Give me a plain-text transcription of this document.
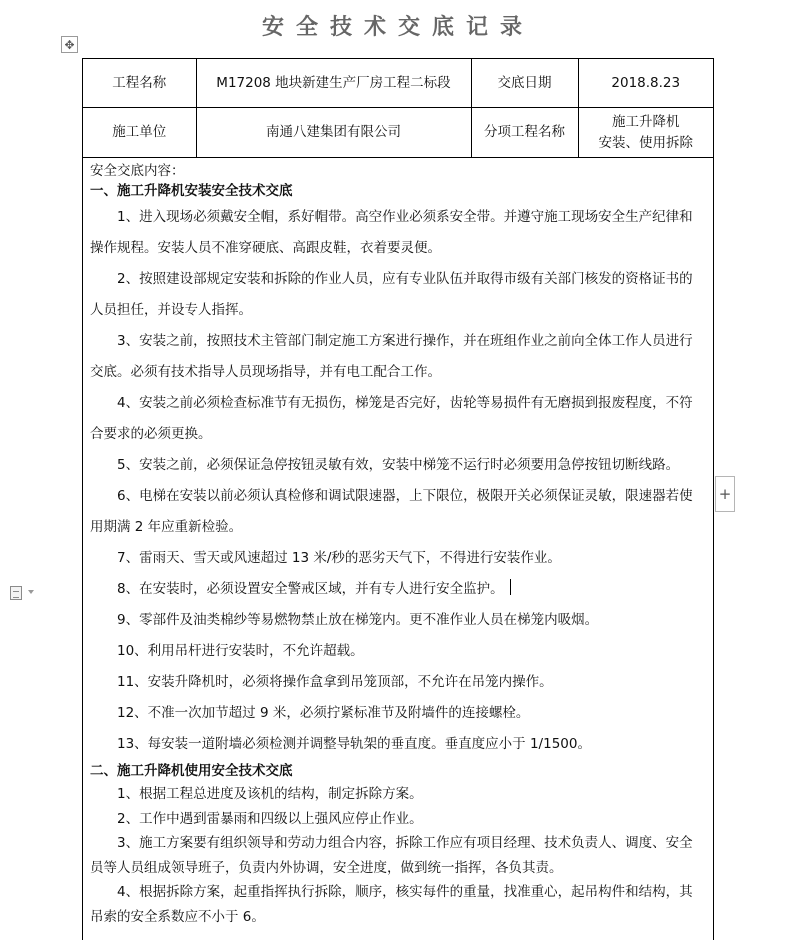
安全技术交底记录
✥
工程名称	M17208 地块新建生产厂房工程二标段	交底日期	2018.8.23
施工单位	南通八建集团有限公司	分项工程名称	施工升降机
安装、使用拆除
安全交底内容：
一、施工升降机安装安全技术交底
1、进入现场必须戴安全帽，系好帽带。高空作业必须系安全带。并遵守施工现场安全生产纪律和操作规程。安装人员不准穿硬底、高跟皮鞋，衣着要灵便。
2、按照建设部规定安装和拆除的作业人员，应有专业队伍并取得市级有关部门核发的资格证书的人员担任，并设专人指挥。
3、安装之前，按照技术主管部门制定施工方案进行操作，并在班组作业之前向全体工作人员进行交底。必须有技术指导人员现场指导，并有电工配合工作。
4、安装之前必须检查标准节有无损伤，梯笼是否完好，齿轮等易损件有无磨损到报废程度，不符合要求的必须更换。
5、安装之前，必须保证急停按钮灵敏有效，安装中梯笼不运行时必须要用急停按钮切断线路。
6、电梯在安装以前必须认真检修和调试限速器，上下限位，极限开关必须保证灵敏，限速器若使用期满 2 年应重新检验。
7、雷雨天、雪天或风速超过 13 米/秒的恶劣天气下，不得进行安装作业。
8、在安装时，必须设置安全警戒区域，并有专人进行安全监护。
9、零部件及油类棉纱等易燃物禁止放在梯笼内。更不准作业人员在梯笼内吸烟。
10、利用吊杆进行安装时，不允许超载。
11、安装升降机时，必须将操作盒拿到吊笼顶部，不允许在吊笼内操作。
12、不准一次加节超过 9 米，必须拧紧标准节及附墙件的连接螺栓。
13、每安装一道附墙必须检测并调整导轨架的垂直度。垂直度应小于 1/1500。
二、施工升降机使用安全技术交底
1、根据工程总进度及该机的结构，制定拆除方案。
2、工作中遇到雷暴雨和四级以上强风应停止作业。
3、施工方案要有组织领导和劳动力组合内容，拆除工作应有项目经理、技术负责人、调度、安全员等人员组成领导班子，负责内外协调，安全进度，做到统一指挥，各负其责。
4、根据拆除方案，起重指挥执行拆除，顺序，核实每件的重量，找准重心，起吊构件和结构，其吊索的安全系数应不小于 6。
+
